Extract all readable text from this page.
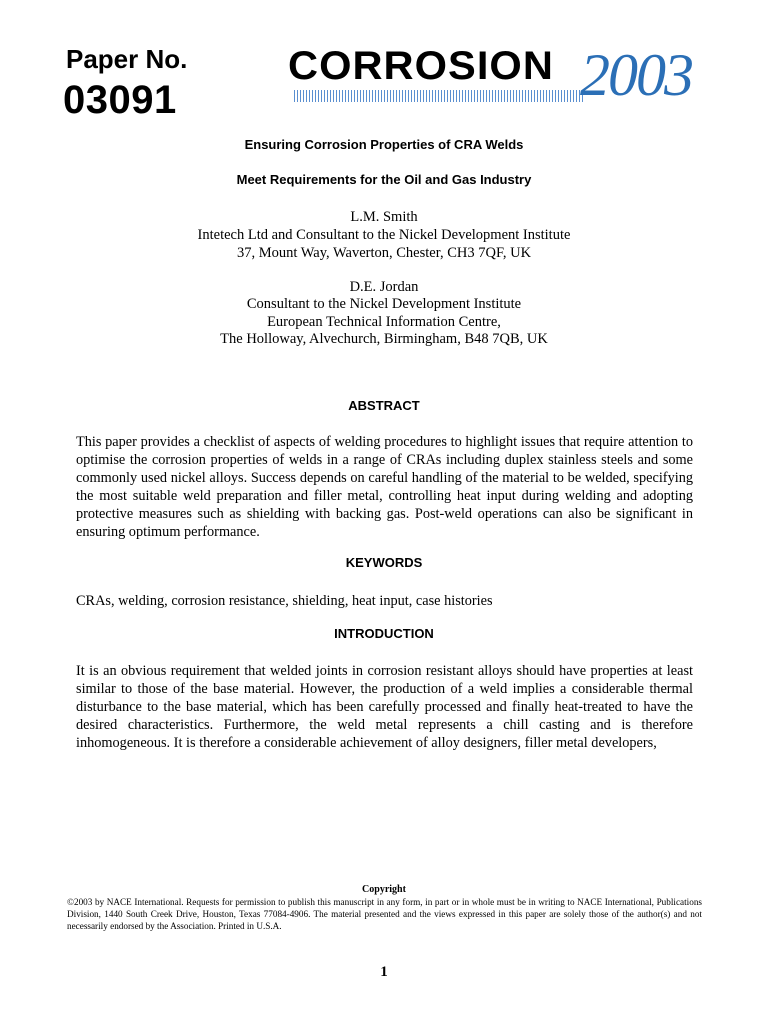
Paper No.
03091
CORROSION 2003
Ensuring Corrosion Properties of CRA Welds
Meet Requirements for the Oil and Gas Industry
L.M. Smith
Intetech Ltd and Consultant to the Nickel Development Institute
37, Mount Way, Waverton, Chester, CH3 7QF, UK
D.E. Jordan
Consultant to the Nickel Development Institute
European Technical Information Centre,
The Holloway, Alvechurch, Birmingham, B48 7QB, UK
ABSTRACT
This paper provides a checklist of aspects of welding procedures to highlight issues that require attention to optimise the corrosion properties of welds in a range of CRAs including duplex stainless steels and some commonly used nickel alloys. Success depends on careful handling of the material to be welded, specifying the most suitable weld preparation and filler metal, controlling heat input during welding and adopting protective measures such as shielding with backing gas. Post-weld operations can also be significant in ensuring optimum performance.
KEYWORDS
CRAs, welding, corrosion resistance, shielding, heat input, case histories
INTRODUCTION
It is an obvious requirement that welded joints in corrosion resistant alloys should have properties at least similar to those of the base material. However, the production of a weld implies a considerable thermal disturbance to the base material, which has been carefully processed and finally heat-treated to have the desired characteristics. Furthermore, the weld metal represents a chill casting and is therefore inhomogeneous. It is therefore a considerable achievement of alloy designers, filler metal developers,
Copyright
©2003 by NACE International. Requests for permission to publish this manuscript in any form, in part or in whole must be in writing to NACE International, Publications Division, 1440 South Creek Drive, Houston, Texas 77084-4906. The material presented and the views expressed in this paper are solely those of the author(s) and not necessarily endorsed by the Association. Printed in U.S.A.
1
